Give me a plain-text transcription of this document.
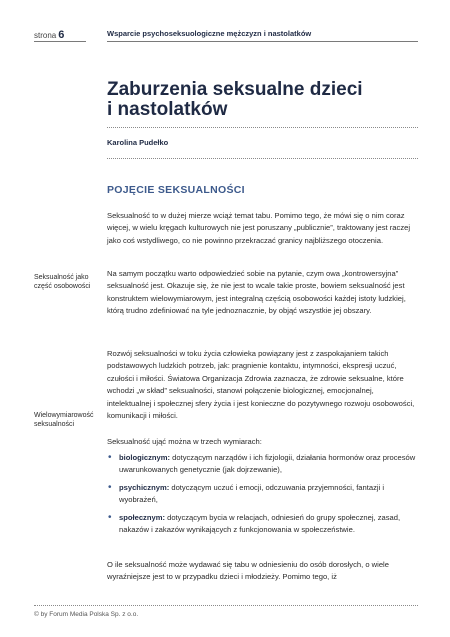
strona 6	Wsparcie psychoseksuologiczne mężczyzn i nastolatków
Zaburzenia seksualne dzieci
i nastolatków
Karolina Pudełko
POJĘCIE SEKSUALNOŚCI
Seksualność to w dużej mierze wciąż temat tabu. Pomimo tego, że mówi się o nim coraz więcej, w wielu kręgach kulturowych nie jest poruszany „publicznie”, traktowany jest raczej jako coś wstydliwego, co nie powinno przekraczać granicy najbliższego otoczenia.
Seksualność jako część osobowości
Na samym początku warto odpowiedzieć sobie na pytanie, czym owa „kontrowersyjna” seksualność jest. Okazuje się, że nie jest to wcale takie proste, bowiem seksualność jest konstruktem wielowymiarowym, jest integralną częścią osobowości każdej istoty ludzkiej, którą trudno zdefiniować na tyle jednoznacznie, by objąć wszystkie jej obszary.
Rozwój seksualności w toku życia człowieka powiązany jest z zaspokajaniem takich podstawowych ludzkich potrzeb, jak: pragnienie kontaktu, intymności, ekspresji uczuć, czułości i miłości. Światowa Organizacja Zdrowia zaznacza, że zdrowie seksualne, które wchodzi „w skład” seksualności, stanowi połączenie biologicznej, emocjonalnej, intelektualnej i społecznej sfery życia i jest konieczne do pozytywnego rozwoju osobowości, komunikacji i miłości.
Wielowymiarowość seksualności
Seksualność ująć można w trzech wymiarach:
• biologicznym: dotyczącym narządów i ich fizjologii, działania hormonów oraz procesów uwarunkowanych genetycznie (jak dojrzewanie),
• psychicznym: dotyczącym uczuć i emocji, odczuwania przyjemności, fantazji i wyobrażeń,
• społecznym: dotyczącym bycia w relacjach, odniesień do grupy społecznej, zasad, nakazów i zakazów wynikających z funkcjonowania w społeczeństwie.
O ile seksualność może wydawać się tabu w odniesieniu do osób dorosłych, o wiele wyraźniejsze jest to w przypadku dzieci i młodzieży. Pomimo tego, iż
© by Forum Media Polska Sp. z o.o.
